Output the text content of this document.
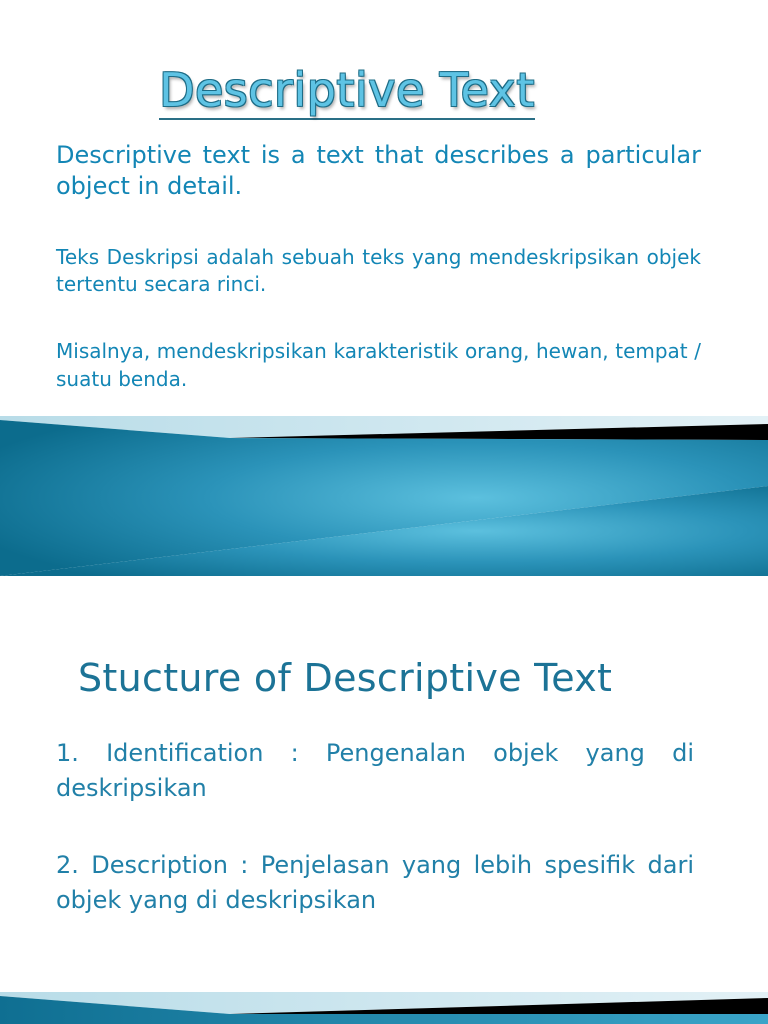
Descriptive Text

Descriptive text is a text that describes a particular object in detail.

Teks Deskripsi adalah sebuah teks yang mendeskripsikan objek tertentu secara rinci.

Misalnya, mendeskripsikan karakteristik orang, hewan, tempat / suatu benda.

Stucture of Descriptive Text

1. Identification : Pengenalan objek yang di deskripsikan

2. Description : Penjelasan yang lebih spesifik dari objek yang di deskripsikan
